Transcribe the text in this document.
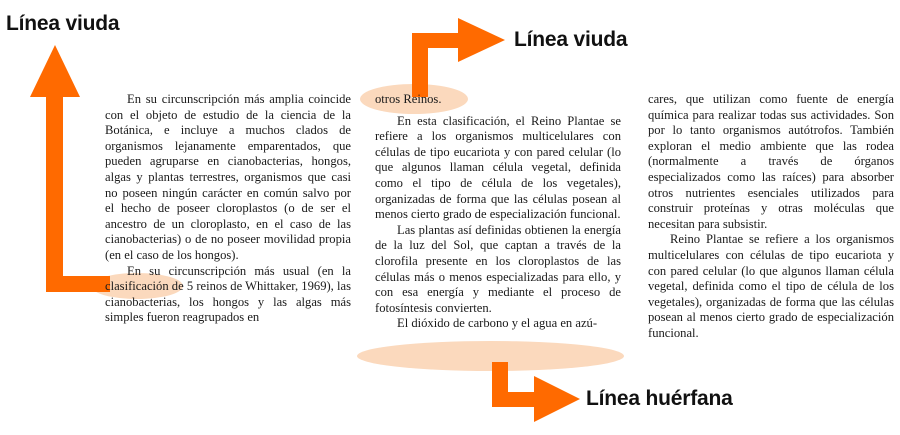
Línea viuda
Línea viuda
Línea huérfana

En su circunscripción más amplia coincide con el objeto de estudio de la ciencia de la Botánica, e incluye a muchos clados de organismos lejanamente emparentados, que pueden agruparse en cianobacterias, hongos, algas y plantas terrestres, organismos que casi no poseen ningún carácter en común salvo por el hecho de poseer cloroplastos (o de ser el ancestro de un cloroplasto, en el caso de las cianobacterias) o de no poseer movilidad propia (en el caso de los hongos).

En su circunscripción más usual (en la clasificación de 5 reinos de Whittaker, 1969), las cianobacterias, los hongos y las algas más simples fueron reagrupados en

otros Reinos.

En esta clasificación, el Reino Plantae se refiere a los organismos multicelulares con células de tipo eucariota y con pared celular (lo que algunos llaman célula vegetal, definida como el tipo de célula de los vegetales), organizadas de forma que las células posean al menos cierto grado de especialización funcional.

Las plantas así definidas obtienen la energía de la luz del Sol, que captan a través de la clorofila presente en los cloroplastos de las células más o menos especializadas para ello, y con esa energía y mediante el proceso de fotosíntesis convierten.

El dióxido de carbono y el agua en azú-

cares, que utilizan como fuente de energía química para realizar todas sus actividades. Son por lo tanto organismos autótrofos. También exploran el medio ambiente que las rodea (normalmente a través de órganos especializados como las raíces) para absorber otros nutrientes esenciales utilizados para construir proteínas y otras moléculas que necesitan para subsistir.

Reino Plantae se refiere a los organismos multicelulares con células de tipo eucariota y con pared celular (lo que algunos llaman célula vegetal, definida como el tipo de célula de los vegetales), organizadas de forma que las células posean al menos cierto grado de especialización funcional.
